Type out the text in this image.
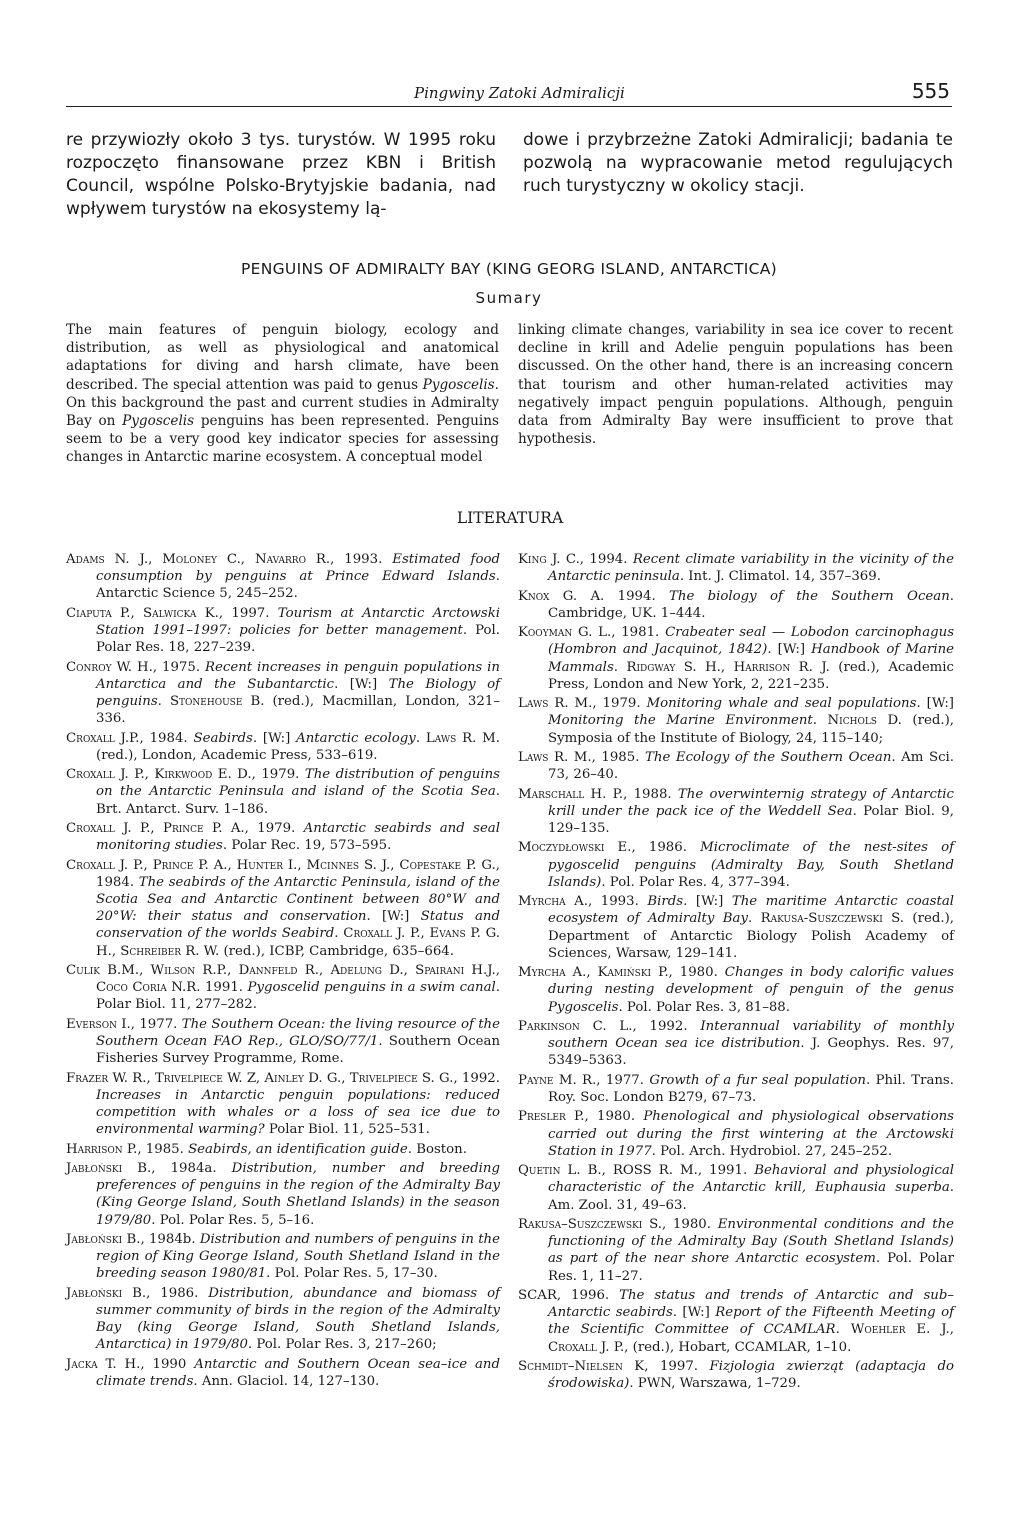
Pingwiny Zatoki Admiralicji	555

re przywiozły około 3 tys. turystów. W 1995 roku rozpoczęto finansowane przez KBN i British Council, wspólne Polsko-Brytyjskie badania, nad wpływem turystów na ekosystemy lą-

dowe i przybrzeżne Zatoki Admiralicji; badania te pozwolą na wypracowanie metod regulujących ruch turystyczny w okolicy stacji.

PENGUINS OF ADMIRALTY BAY (KING GEORG ISLAND, ANTARCTICA)
Sumary

The main features of penguin biology, ecology and distribution, as well as physiological and anatomical adaptations for diving and harsh climate, have been described. The special attention was paid to genus Pygoscelis. On this background the past and current studies in Admiralty Bay on Pygoscelis penguins has been represented. Penguins seem to be a very good key indicator species for assessing changes in Antarctic marine ecosystem. A conceptual model

linking climate changes, variability in sea ice cover to recent decline in krill and Adelie penguin populations has been discussed. On the other hand, there is an increasing concern that tourism and other human-related activities may negatively impact penguin populations. Although, penguin data from Admiralty Bay were insufficient to prove that hypothesis.

LITERATURA

Adams N. J., Moloney C., Navarro R., 1993. Estimated food consumption by penguins at Prince Edward Islands. Antarctic Science 5, 245–252.

Ciaputa P., Salwicka K., 1997. Tourism at Antarctic Arctowski Station 1991–1997: policies for better management. Pol. Polar Res. 18, 227–239.

Conroy W. H., 1975. Recent increases in penguin populations in Antarctica and the Subantarctic. [W:] The Biology of penguins. Stonehouse B. (red.), Macmillan, London, 321–336.

Croxall J.P., 1984. Seabirds. [W:] Antarctic ecology. Laws R. M. (red.), London, Academic Press, 533–619.

Croxall J. P., Kirkwood E. D., 1979. The distribution of penguins on the Antarctic Peninsula and island of the Scotia Sea. Brt. Antarct. Surv. 1–186.

Croxall J. P., Prince P. A., 1979. Antarctic seabirds and seal monitoring studies. Polar Rec. 19, 573–595.

Croxall J. P., Prince P. A., Hunter I., Mcinnes S. J., Copestake P. G., 1984. The seabirds of the Antarctic Peninsula, island of the Scotia Sea and Antarctic Continent between 80°W and 20°W: their status and conservation. [W:] Status and conservation of the worlds Seabird. Croxall J. P., Evans P. G. H., Schreiber R. W. (red.), ICBP, Cambridge, 635–664.

Culik B.M., Wilson R.P., Dannfeld R., Adelung D., Spairani H.J., Coco Coria N.R. 1991. Pygoscelid penguins in a swim canal. Polar Biol. 11, 277–282.

Everson I., 1977. The Southern Ocean: the living resource of the Southern Ocean FAO Rep., GLO/SO/77/1. Southern Ocean Fisheries Survey Programme, Rome.

Frazer W. R., Trivelpiece W. Z, Ainley D. G., Trivelpiece S. G., 1992. Increases in Antarctic penguin populations: reduced competition with whales or a loss of sea ice due to environmental warming? Polar Biol. 11, 525–531.

Harrison P., 1985. Seabirds, an identification guide. Boston.

Jabłoński B., 1984a. Distribution, number and breeding preferences of penguins in the region of the Admiralty Bay (King George Island, South Shetland Islands) in the season 1979/80. Pol. Polar Res. 5, 5–16.

Jabłoński B., 1984b. Distribution and numbers of penguins in the region of King George Island, South Shetland Island in the breeding season 1980/81. Pol. Polar Res. 5, 17–30.

Jabłoński B., 1986. Distribution, abundance and biomass of summer community of birds in the region of the Admiralty Bay (king George Island, South Shetland Islands, Antarctica) in 1979/80. Pol. Polar Res. 3, 217–260;

Jacka T. H., 1990 Antarctic and Southern Ocean sea–ice and climate trends. Ann. Glaciol. 14, 127–130.

King J. C., 1994. Recent climate variability in the vicinity of the Antarctic peninsula. Int. J. Climatol. 14, 357–369.

Knox G. A. 1994. The biology of the Southern Ocean. Cambridge, UK. 1–444.

Kooyman G. L., 1981. Crabeater seal — Lobodon carcinophagus (Hombron and Jacquinot, 1842). [W:] Handbook of Marine Mammals. Ridgway S. H., Harrison R. J. (red.), Academic Press, London and New York, 2, 221–235.

Laws R. M., 1979. Monitoring whale and seal populations. [W:] Monitoring the Marine Environment. Nichols D. (red.), Symposia of the Institute of Biology, 24, 115–140;

Laws R. M., 1985. The Ecology of the Southern Ocean. Am Sci. 73, 26–40.

Marschall H. P., 1988. The overwinternig strategy of Antarctic krill under the pack ice of the Weddell Sea. Polar Biol. 9, 129–135.

Moczydłowski E., 1986. Microclimate of the nest-sites of pygoscelid penguins (Admiralty Bay, South Shetland Islands). Pol. Polar Res. 4, 377–394.

Myrcha A., 1993. Birds. [W:] The maritime Antarctic coastal ecosystem of Admiralty Bay. Rakusa-Suszczewski S. (red.), Department of Antarctic Biology Polish Academy of Sciences, Warsaw, 129–141.

Myrcha A., Kamiński P., 1980. Changes in body calorific values during nesting development of penguin of the genus Pygoscelis. Pol. Polar Res. 3, 81–88.

Parkinson C. L., 1992. Interannual variability of monthly southern Ocean sea ice distribution. J. Geophys. Res. 97, 5349–5363.

Payne M. R., 1977. Growth of a fur seal population. Phil. Trans. Roy. Soc. London B279, 67–73.

Presler P., 1980. Phenological and physiological observations carried out during the first wintering at the Arctowski Station in 1977. Pol. Arch. Hydrobiol. 27, 245–252.

Quetin L. B., ROSS R. M., 1991. Behavioral and physiological characteristic of the Antarctic krill, Euphausia superba. Am. Zool. 31, 49–63.

Rakusa–Suszczewski S., 1980. Environmental conditions and the functioning of the Admiralty Bay (South Shetland Islands) as part of the near shore Antarctic ecosystem. Pol. Polar Res. 1, 11–27.

SCAR, 1996. The status and trends of Antarctic and sub–Antarctic seabirds. [W:] Report of the Fifteenth Meeting of the Scientific Committee of CCAMLAR. Woehler E. J., Croxall J. P., (red.), Hobart, CCAMLAR, 1–10.

Schmidt–Nielsen K, 1997. Fizjologia zwierząt (adaptacja do środowiska). PWN, Warszawa, 1–729.
